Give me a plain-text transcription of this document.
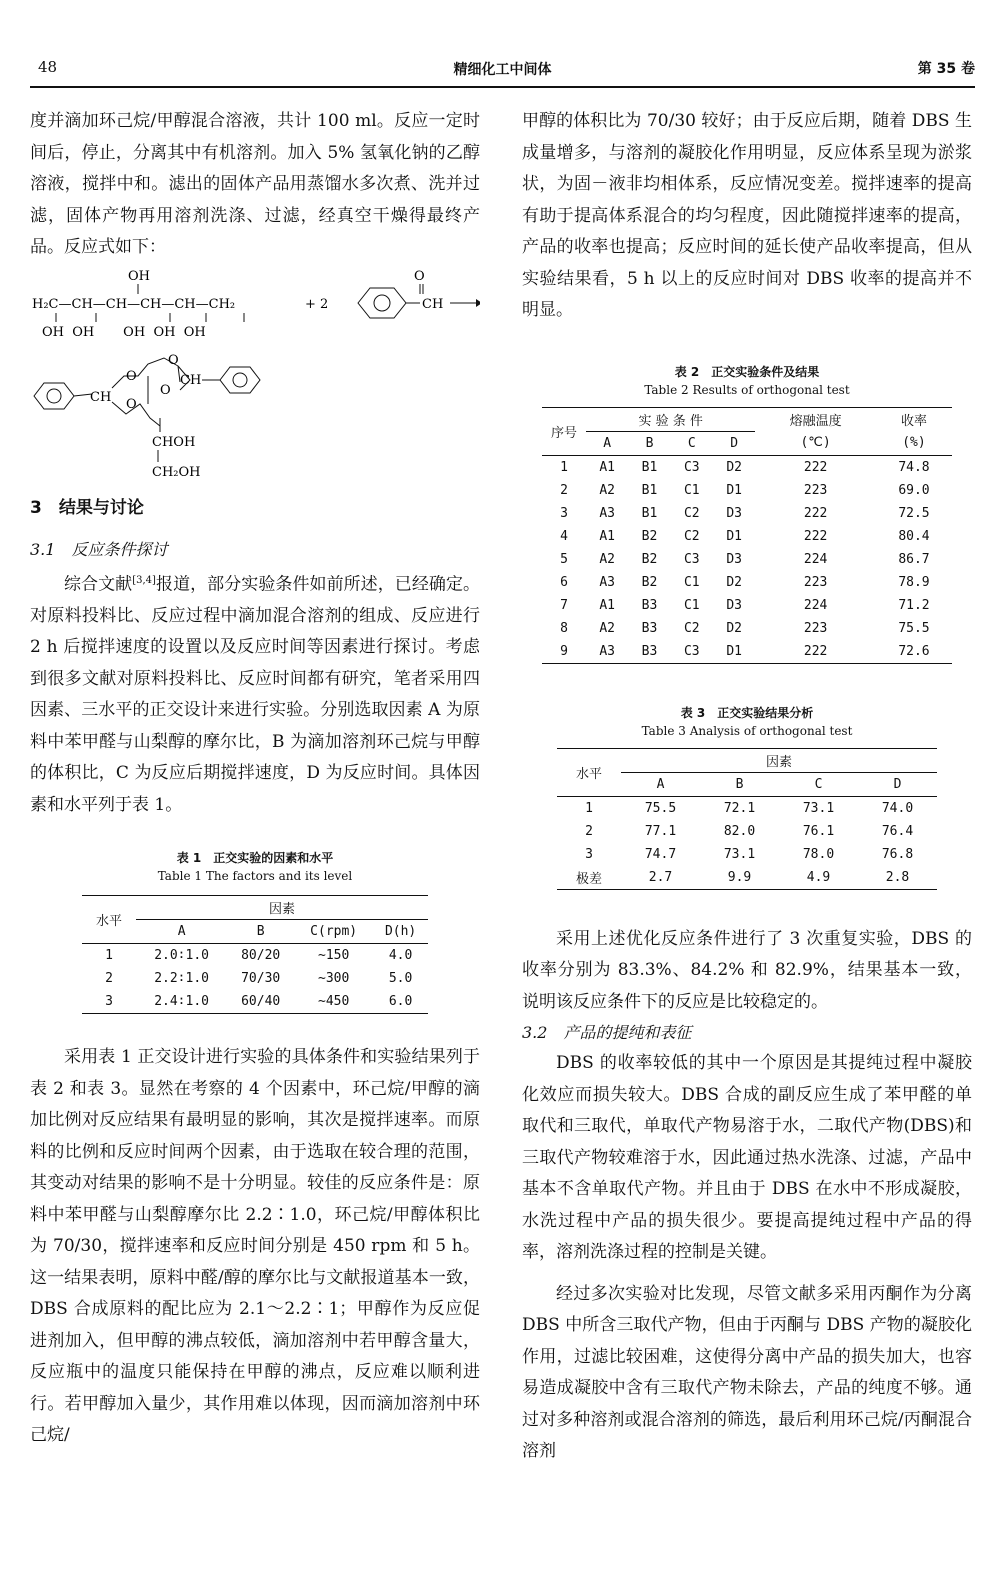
48	精细化工中间体	第 35 卷

度并滴加环己烷/甲醇混合溶液，共计 100 ml。反应一定时间后，停止，分离其中有机溶剂。加入 5% 氢氧化钠的乙醇溶液，搅拌中和。滤出的固体产品用蒸馏水多次煮、洗并过滤，固体产物再用溶剂洗涤、过滤，经真空干燥得最终产品。反应式如下：

OH
H₂C—CH—CH—CH—CH—CH₂
OH  OH       OH  OH  OH
+ 2
O
CH
CH
O
O
O
O
CH
CHOH
CH₂OH

3　结果与讨论

3.1　反应条件探讨

综合文献[3,4]报道，部分实验条件如前所述，已经确定。对原料投料比、反应过程中滴加混合溶剂的组成、反应进行 2 h 后搅拌速度的设置以及反应时间等因素进行探讨。考虑到很多文献对原料投料比、反应时间都有研究，笔者采用四因素、三水平的正交设计来进行实验。分别选取因素 A 为原料中苯甲醛与山梨醇的摩尔比，B 为滴加溶剂环己烷与甲醇的体积比，C 为反应后期搅拌速度，D 为反应时间。具体因素和水平列于表 1。

表 1　正交实验的因素和水平

Table 1 The factors and its level

水平	因素			
	A	B	C(rpm)	D(h)
1	2.0∶1.0	80/20	~150	4.0
2	2.2∶1.0	70/30	~300	5.0
3	2.4∶1.0	60/40	~450	6.0

采用表 1 正交设计进行实验的具体条件和实验结果列于表 2 和表 3。显然在考察的 4 个因素中，环己烷/甲醇的滴加比例对反应结果有最明显的影响，其次是搅拌速率。而原料的比例和反应时间两个因素，由于选取在较合理的范围，其变动对结果的影响不是十分明显。较佳的反应条件是：原料中苯甲醛与山梨醇摩尔比 2.2∶1.0，环己烷/甲醇体积比为 70/30，搅拌速率和反应时间分别是 450 rpm 和 5 h。这一结果表明，原料中醛/醇的摩尔比与文献报道基本一致，DBS 合成原料的配比应为 2.1～2.2∶1；甲醇作为反应促进剂加入，但甲醇的沸点较低，滴加溶剂中若甲醇含量大，反应瓶中的温度只能保持在甲醇的沸点，反应难以顺利进行。若甲醇加入量少，其作用难以体现，因而滴加溶剂中环己烷/

甲醇的体积比为 70/30 较好；由于反应后期，随着 DBS 生成量增多，与溶剂的凝胶化作用明显，反应体系呈现为淤浆状，为固－液非均相体系，反应情况变差。搅拌速率的提高有助于提高体系混合的均匀程度，因此随搅拌速率的提高，产品的收率也提高；反应时间的延长使产品收率提高，但从实验结果看，5 h 以上的反应时间对 DBS 收率的提高并不明显。

表 2　正交实验条件及结果

Table 2 Results of orthogonal test

序号	实 验 条 件				熔融温度	收率
	A	B	C	D	(℃)	(%)
1	A1	B1	C3	D2	222	74.8
2	A2	B1	C1	D1	223	69.0
3	A3	B1	C2	D3	222	72.5
4	A1	B2	C2	D1	222	80.4
5	A2	B2	C3	D3	224	86.7
6	A3	B2	C1	D2	223	78.9
7	A1	B3	C1	D3	224	71.2
8	A2	B3	C2	D2	223	75.5
9	A3	B3	C3	D1	222	72.6

表 3　正交实验结果分析

Table 3 Analysis of orthogonal test

水平	因素			
	A	B	C	D
1	75.5	72.1	73.1	74.0
2	77.1	82.0	76.1	76.4
3	74.7	73.1	78.0	76.8
极差	2.7	9.9	4.9	2.8

采用上述优化反应条件进行了 3 次重复实验，DBS 的收率分别为 83.3%、84.2% 和 82.9%，结果基本一致，说明该反应条件下的反应是比较稳定的。

3.2　产品的提纯和表征

DBS 的收率较低的其中一个原因是其提纯过程中凝胶化效应而损失较大。DBS 合成的副反应生成了苯甲醛的单取代和三取代，单取代产物易溶于水，二取代产物(DBS)和三取代产物较难溶于水，因此通过热水洗涤、过滤，产品中基本不含单取代产物。并且由于 DBS 在水中不形成凝胶，水洗过程中产品的损失很少。要提高提纯过程中产品的得率，溶剂洗涤过程的控制是关键。

经过多次实验对比发现，尽管文献多采用丙酮作为分离 DBS 中所含三取代产物，但由于丙酮与 DBS 产物的凝胶化作用，过滤比较困难，这使得分离中产品的损失加大，也容易造成凝胶中含有三取代产物未除去，产品的纯度不够。通过对多种溶剂或混合溶剂的筛选，最后利用环己烷/丙酮混合溶剂
